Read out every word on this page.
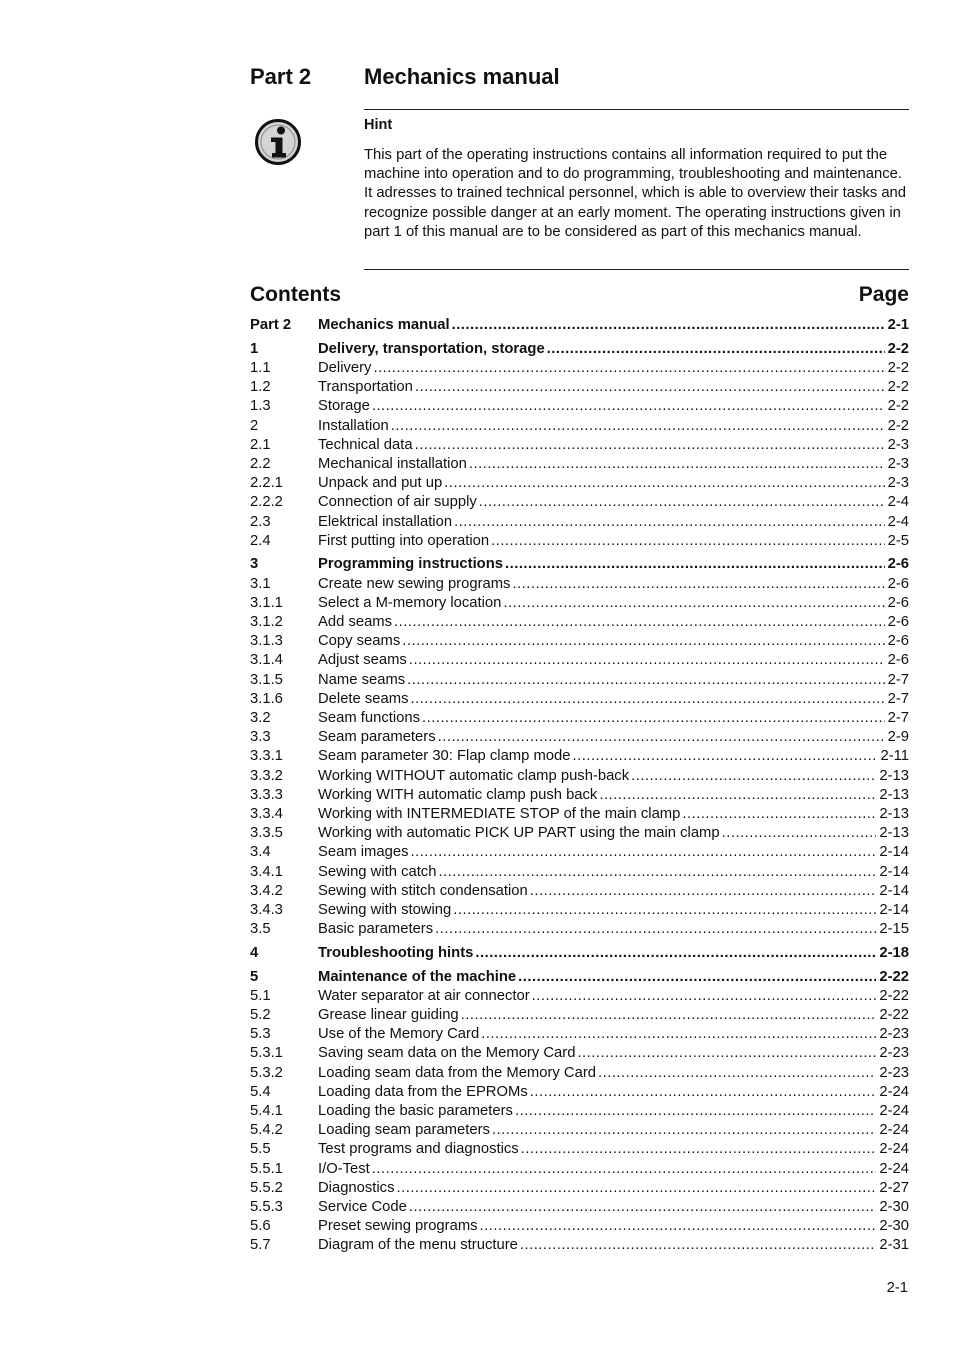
Part 2 Mechanics manual
Hint
This part of the operating instructions contains all information required to put the machine into operation and to do programming, troubleshooting and maintenance. It adresses to trained technical personnel, which is able to overview their tasks and recognize possible danger at an early moment. The operating instructions given in part 1 of this manual are to be considered as part of this mechanics manual.
Contents	Page
Part 2 Mechanics manual .....	2-1
1	Delivery, transportation, storage .....	2-2
1.1	Delivery .....	2-2
1.2	Transportation .....	2-2
1.3	Storage .....	2-2
2	Installation .....	2-2
2.1	Technical data .....	2-3
2.2	Mechanical installation .....	2-3
2.2.1 Unpack and put up .....	2-3
2.2.2 Connection of air supply .....	2-4
2.3	Elektrical installation .....	2-4
2.4	First putting into operation .....	2-5
3	Programming instructions .....	2-6
3.1	Create new sewing programs .....	2-6
3.1.1 Select a M-memory location .....	2-6
3.1.2 Add seams .....	2-6
3.1.3 Copy seams .....	2-6
3.1.4 Adjust seams .....	2-6
3.1.5 Name seams .....	2-7
3.1.6 Delete seams .....	2-7
3.2	Seam functions .....	2-7
3.3	Seam parameters .....	2-9
3.3.1 Seam parameter 30: Flap clamp mode .....	2-11
3.3.2 Working WITHOUT automatic clamp push-back .....	2-13
3.3.3 Working WITH automatic clamp push back .....	2-13
3.3.4 Working with INTERMEDIATE STOP of the main clamp .....	2-13
3.3.5 Working with automatic PICK UP PART using the main clamp .....	2-13
3.4	Seam images .....	2-14
3.4.1 Sewing with catch .....	2-14
3.4.2 Sewing with stitch condensation .....	2-14
3.4.3 Sewing with stowing .....	2-14
3.5	Basic parameters .....	2-15
4	Troubleshooting hints .....	2-18
5	Maintenance of the machine .....	2-22
5.1	Water separator at air connector .....	2-22
5.2	Grease linear guiding .....	2-22
5.3	Use of the Memory Card .....	2-23
5.3.1 Saving seam data on the Memory Card .....	2-23
5.3.2 Loading seam data from the Memory Card .....	2-23
5.4	Loading data from the EPROMs .....	2-24
5.4.1 Loading the basic parameters .....	2-24
5.4.2 Loading seam parameters .....	2-24
5.5	Test programs and diagnostics .....	2-24
5.5.1 I/O-Test .....	2-24
5.5.2 Diagnostics .....	2-27
5.5.3 Service Code .....	2-30
5.6	Preset sewing programs .....	2-30
5.7	Diagram of the menu structure .....	2-31
2-1
